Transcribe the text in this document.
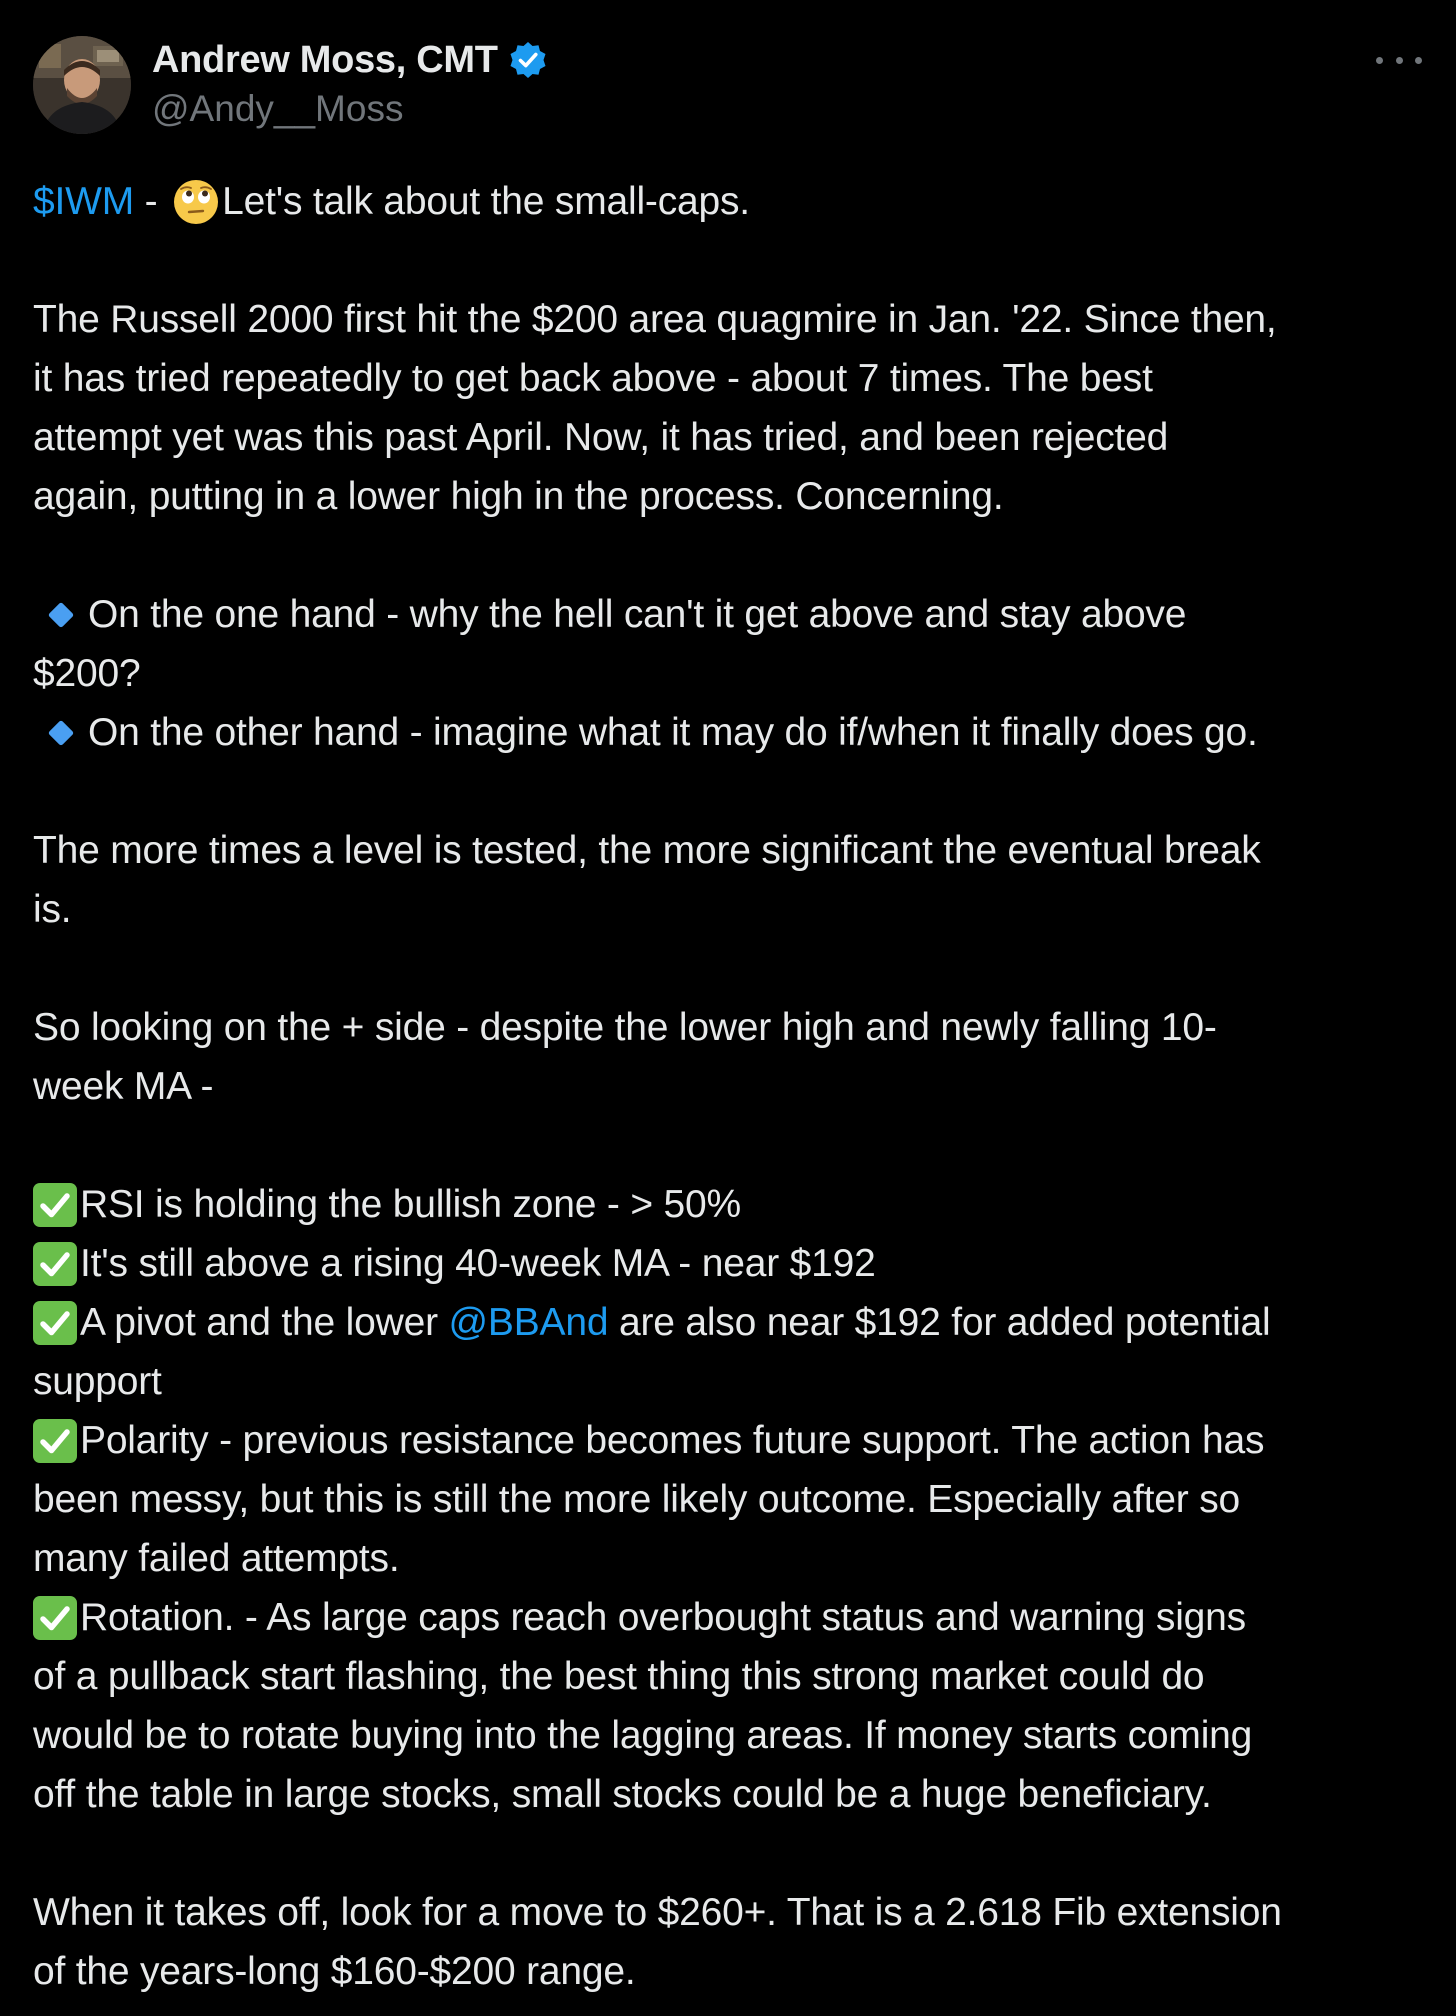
Andrew Moss, CMT
@Andy__Moss
$IWM - Let's talk about the small-caps.
The Russell 2000 first hit the $200 area quagmire in Jan. '22. Since then,
it has tried repeatedly to get back above - about 7 times. The best
attempt yet was this past April. Now, it has tried, and been rejected
again, putting in a lower high in the process. Concerning.
On the one hand - why the hell can't it get above and stay above
$200?
On the other hand - imagine what it may do if/when it finally does go.
The more times a level is tested, the more significant the eventual break
is.
So looking on the + side - despite the lower high and newly falling 10-
week MA -
RSI is holding the bullish zone - > 50%
It's still above a rising 40-week MA - near $192
A pivot and the lower @BBAnd are also near $192 for added potential
support
Polarity - previous resistance becomes future support. The action has
been messy, but this is still the more likely outcome. Especially after so
many failed attempts.
Rotation. - As large caps reach overbought status and warning signs
of a pullback start flashing, the best thing this strong market could do
would be to rotate buying into the lagging areas. If money starts coming
off the table in large stocks, small stocks could be a huge beneficiary.
When it takes off, look for a move to $260+. That is a 2.618 Fib extension
of the years-long $160-$200 range.
